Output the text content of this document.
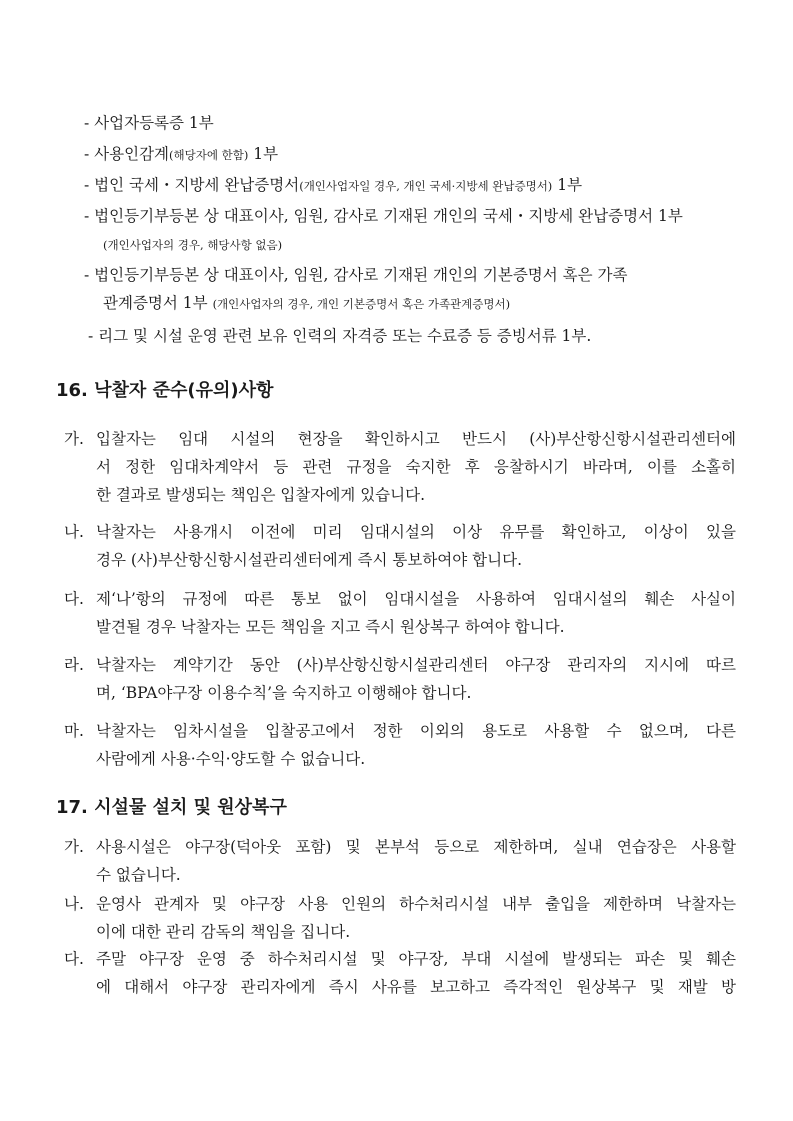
- 사업자등록증 1부
- 사용인감계(해당자에 한함) 1부
- 법인 국세・지방세 완납증명서(개인사업자일 경우, 개인 국세·지방세 완납증명서) 1부
- 법인등기부등본 상 대표이사, 임원, 감사로 기재된 개인의 국세・지방세 완납증명서 1부
(개인사업자의 경우, 해당사항 없음)
- 법인등기부등본 상 대표이사, 임원, 감사로 기재된 개인의 기본증명서 혹은 가족
관계증명서 1부 (개인사업자의 경우, 개인 기본증명서 혹은 가족관계증명서)
- 리그 및 시설 운영 관련 보유 인력의 자격증 또는 수료증 등 증빙서류 1부.
16. 낙찰자 준수(유의)사항
가. 입찰자는 임대 시설의 현장을 확인하시고 반드시 (사)부산항신항시설관리센터에
서 정한 임대차계약서 등 관련 규정을 숙지한 후 응찰하시기 바라며, 이를 소홀히
한 결과로 발생되는 책임은 입찰자에게 있습니다.
나. 낙찰자는 사용개시 이전에 미리 임대시설의 이상 유무를 확인하고, 이상이 있을
경우 (사)부산항신항시설관리센터에게 즉시 통보하여야 합니다.
다. 제‘나’항의 규정에 따른 통보 없이 임대시설을 사용하여 임대시설의 훼손 사실이
발견될 경우 낙찰자는 모든 책임을 지고 즉시 원상복구 하여야 합니다.
라. 낙찰자는 계약기간 동안 (사)부산항신항시설관리센터 야구장 관리자의 지시에 따르
며, ‘BPA야구장 이용수칙’을 숙지하고 이행해야 합니다.
마. 낙찰자는 임차시설을 입찰공고에서 정한 이외의 용도로 사용할 수 없으며, 다른
사람에게 사용·수익·양도할 수 없습니다.
17. 시설물 설치 및 원상복구
가. 사용시설은 야구장(덕아웃 포함) 및 본부석 등으로 제한하며, 실내 연습장은 사용할
수 없습니다.
나. 운영사 관계자 및 야구장 사용 인원의 하수처리시설 내부 출입을 제한하며 낙찰자는
이에 대한 관리 감독의 책임을 집니다.
다. 주말 야구장 운영 중 하수처리시설 및 야구장, 부대 시설에 발생되는 파손 및 훼손
에 대해서 야구장 관리자에게 즉시 사유를 보고하고 즉각적인 원상복구 및 재발 방
